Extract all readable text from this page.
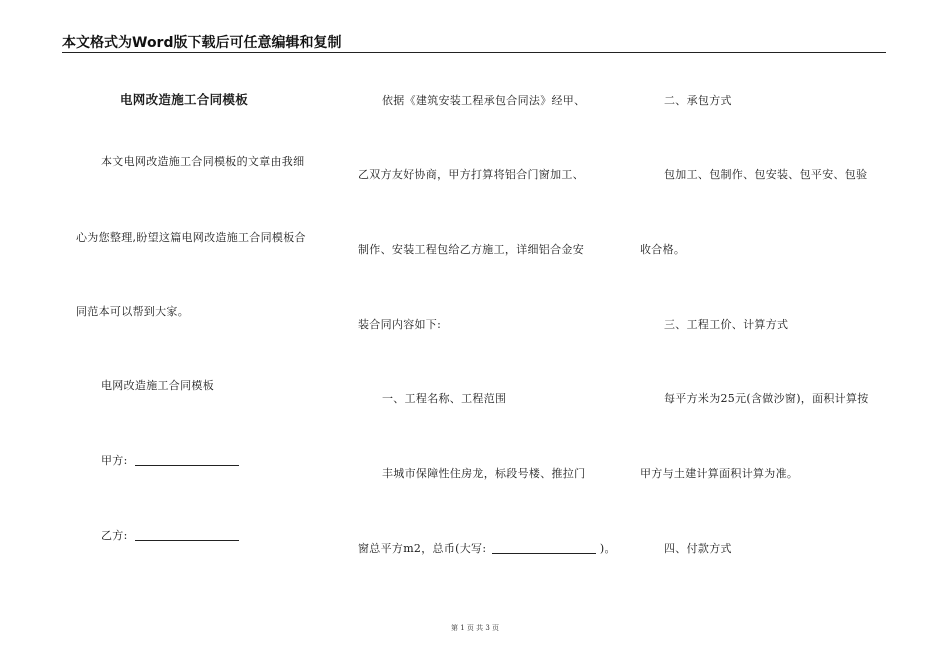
本文格式为Word版下载后可任意编辑和复制
电网改造施工合同模板
本文电网改造施工合同模板的文章由我细
心为您整理,盼望这篇电网改造施工合同模板合
同范本可以帮到大家。
电网改造施工合同模板
甲方:
乙方:
依据《建筑安装工程承包合同法》经甲、
乙双方友好协商，甲方打算将铝合门窗加工、
制作、安装工程包给乙方施工，详细铝合金安
装合同内容如下:
一、工程名称、工程范围
丰城市保障性住房龙，标段号楼、推拉门
窗总平方m2，总币(大写:	)。
二、承包方式
包加工、包制作、包安装、包平安、包验
收合格。
三、工程工价、计算方式
每平方米为25元(含做沙窗)，面积计算按
甲方与土建计算面积计算为准。
四、付款方式
第 1 页 共 3 页
